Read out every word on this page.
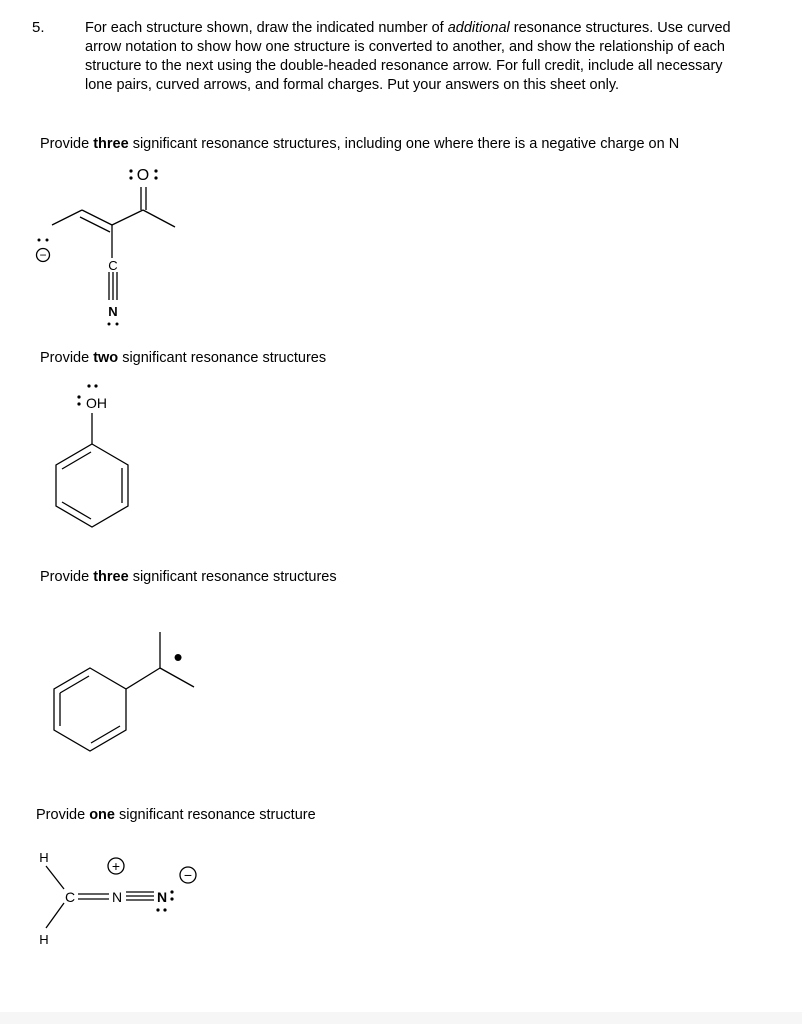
5.	For each structure shown, draw the indicated number of additional resonance structures. Use curved arrow notation to show how one structure is converted to another, and show the relationship of each structure to the next using the double-headed resonance arrow. For full credit, include all necessary lone pairs, curved arrows, and formal charges. Put your answers on this sheet only.
Provide three significant resonance structures, including one where there is a negative charge on N
O
C
N
−
Provide two significant resonance structures
OH
Provide three significant resonance structures
•
Provide one significant resonance structure
H
H
C	N N
+
−
